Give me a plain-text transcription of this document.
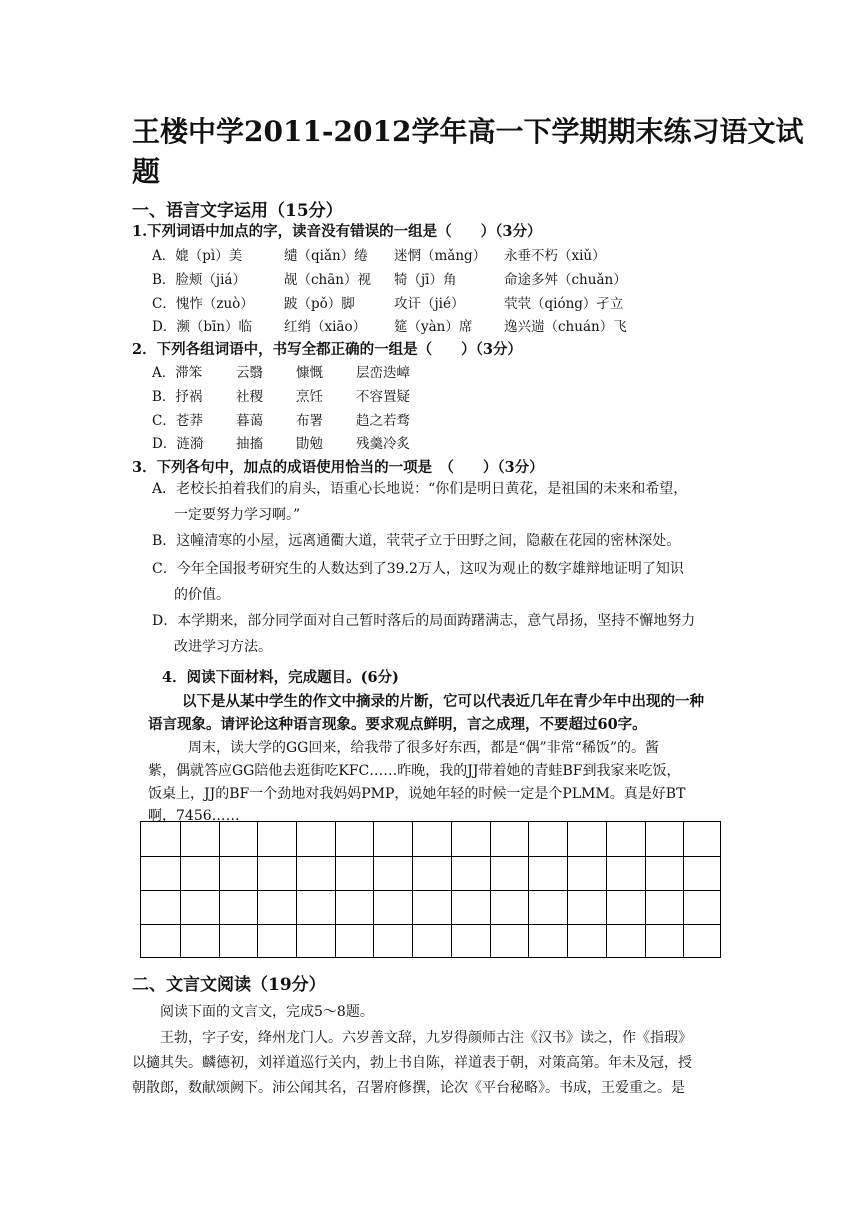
王楼中学2011-2012学年高一下学期期末练习语文试
题
一、语言文字运用（15分）
1.下列词语中加点的字，读音没有错误的一组是（　　）（3分）
A．媲（pì）美	缱（qiǎn）绻 迷惘（mǎng） 永垂不朽（xiǔ）
B．脸颊（jiá）	觇（chān）视 犄（jī）角	命途多舛（chuǎn）
C．愧怍（zuò） 跛（pǒ）脚	攻讦（jié）	茕茕（qióng）孑立
D．濒（bīn）临 红绡（xiāo） 筵（yàn）席 逸兴遄（chuán）飞
2．下列各组词语中，书写全都正确的一组是（　　）（3分）
A．滞笨	云翳 慷慨 层峦迭嶂
B．抒祸 社稷 烹饪 不容置疑
C．苍莽 暮蔼 布署 趋之若骛
D．涟漪 抽搐 勖勉 残羹冷炙
3．下列各句中，加点的成语使用恰当的一项是　（　　）（3分）
A．老校长拍着我们的肩头，语重心长地说：“你们是明日黄花，是祖国的未来和希望，
一定要努力学习啊。”
B．这幢清寒的小屋，远离通衢大道，茕茕孑立于田野之间，隐蔽在花园的密林深处。
C．今年全国报考研究生的人数达到了39.2万人，这叹为观止的数字雄辩地证明了知识
的价值。
D．本学期来，部分同学面对自己暂时落后的局面踌躇满志，意气昂扬，坚持不懈地努力
改进学习方法。
4．阅读下面材料，完成题目。(6分)
以下是从某中学生的作文中摘录的片断，它可以代表近几年在青少年中出现的一种
语言现象。请评论这种语言现象。要求观点鲜明，言之成理，不要超过60字。
周末，读大学的GG回来，给我带了很多好东西，都是“偶”非常“稀饭”的。酱
紫，偶就答应GG陪他去逛街吃KFC……昨晚，我的JJ带着她的青蛙BF到我家来吃饭，
饭桌上，JJ的BF一个劲地对我妈妈PMP，说她年轻的时候一定是个PLMM。真是好BT
啊，7456……
二、文言文阅读（19分）
阅读下面的文言文，完成5～8题。
王勃，字子安，绛州龙门人。六岁善文辞，九岁得颜师古注《汉书》读之，作《指瑕》
以擿其失。麟德初，刘祥道巡行关内，勃上书自陈，祥道表于朝，对策高第。年未及冠，授
朝散郎，数献颂阙下。沛公闻其名，召署府修撰，论次《平台秘略》。书成，王爱重之。是
